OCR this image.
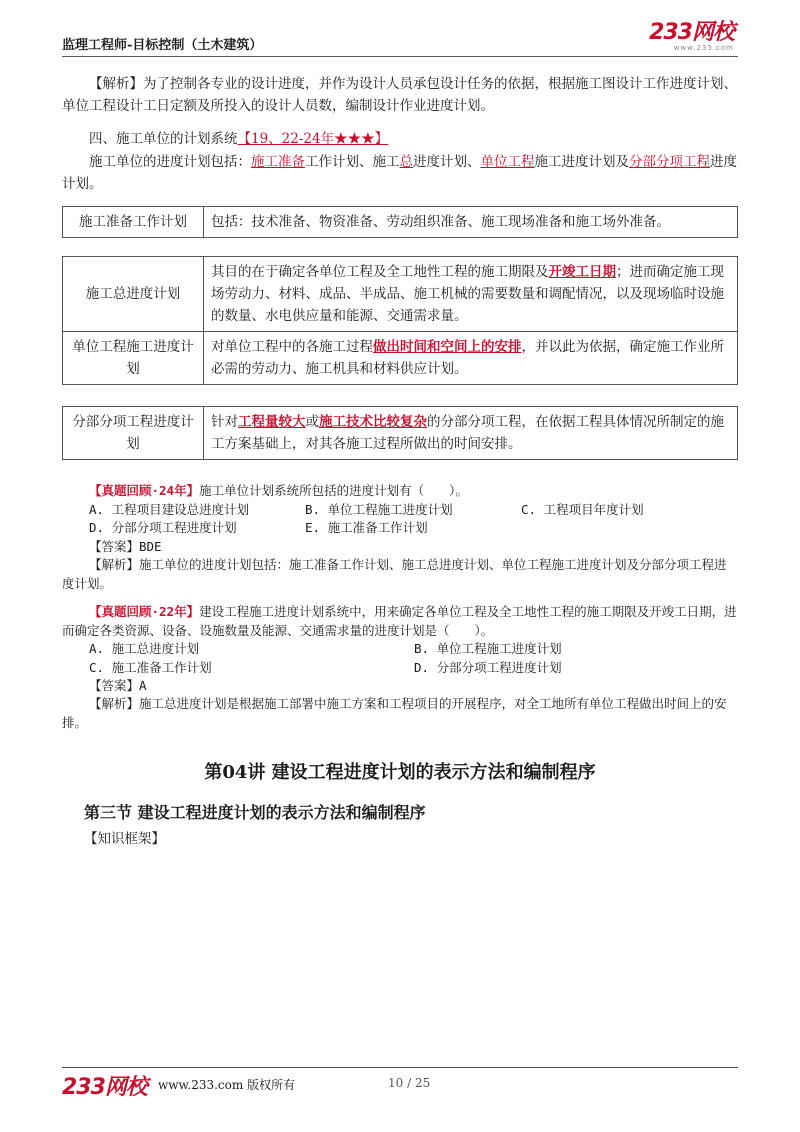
监理工程师-目标控制（土木建筑）
233网校
www.233.com

【解析】为了控制各专业的设计进度，并作为设计人员承包设计任务的依据，根据施工图设计工作进度计划、单位工程设计工日定额及所投入的设计人员数，编制设计作业进度计划。

四、施工单位的计划系统【19、22-24年★★★】

施工单位的进度计划包括：施工准备工作计划、施工总进度计划、单位工程施工进度计划及分部分项工程进度计划。

施工准备工作计划	包括：技术准备、物资准备、劳动组织准备、施工现场准备和施工场外准备。
施工总进度计划	其目的在于确定各单位工程及全工地性工程的施工期限及开竣工日期；进而确定施工现场劳动力、材料、成品、半成品、施工机械的需要数量和调配情况，以及现场临时设施的数量、水电供应量和能源、交通需求量。
单位工程施工进度计划	对单位工程中的各施工过程做出时间和空间上的安排，并以此为依据，确定施工作业所必需的劳动力、施工机具和材料供应计划。
分部分项工程进度计划	针对工程量较大或施工技术比较复杂的分部分项工程，在依据工程具体情况所制定的施工方案基础上，对其各施工过程所做出的时间安排。

【真题回顾·24年】施工单位计划系统所包括的进度计划有（　　）。

A. 工程项目建设总进度计划	B. 单位工程施工进度计划	C. 工程项目年度计划
D. 分部分项工程进度计划	E. 施工准备工作计划

【答案】BDE

【解析】施工单位的进度计划包括：施工准备工作计划、施工总进度计划、单位工程施工进度计划及分部分项工程进度计划。

【真题回顾·22年】建设工程施工进度计划系统中，用来确定各单位工程及全工地性工程的施工期限及开竣工日期，进而确定各类资源、设备、设施数量及能源、交通需求量的进度计划是（　　）。

A. 施工总进度计划	B. 单位工程施工进度计划
C. 施工准备工作计划	D. 分部分项工程进度计划

【答案】A

【解析】施工总进度计划是根据施工部署中施工方案和工程项目的开展程序，对全工地所有单位工程做出时间上的安排。

第04讲 建设工程进度计划的表示方法和编制程序
第三节 建设工程进度计划的表示方法和编制程序
【知识框架】
233网校 www.233.com 版权所有	10 / 25
